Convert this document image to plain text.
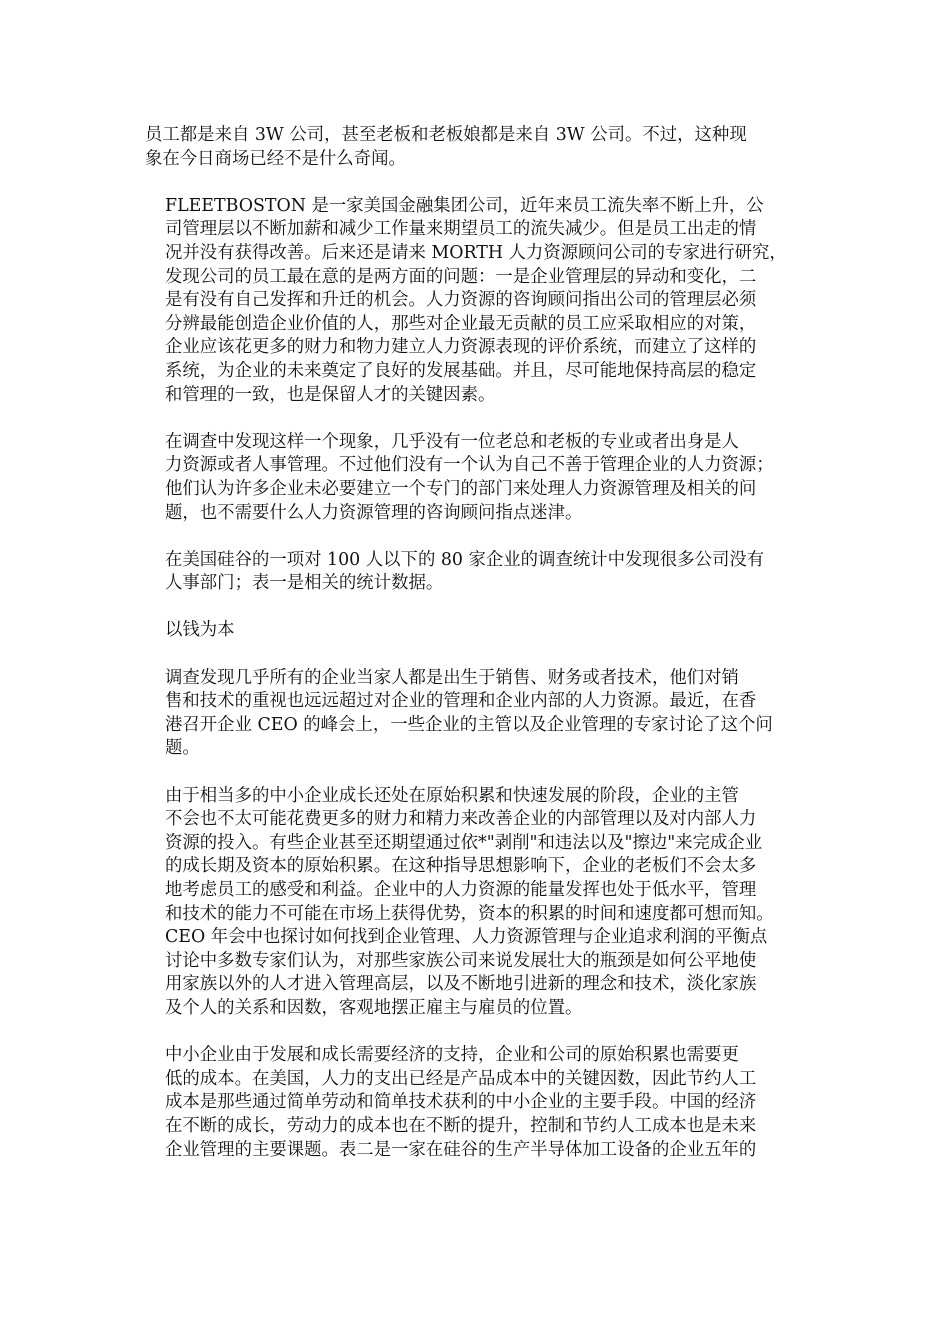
员工都是来自 3W 公司，甚至老板和老板娘都是来自 3W 公司。不过，这种现
象在今日商场已经不是什么奇闻。

FLEETBOSTON 是一家美国金融集团公司，近年来员工流失率不断上升，公
司管理层以不断加薪和减少工作量来期望员工的流失减少。但是员工出走的情
况并没有获得改善。后来还是请来 MORTH 人力资源顾问公司的专家进行研究，
发现公司的员工最在意的是两方面的问题：一是企业管理层的异动和变化，二
是有没有自己发挥和升迁的机会。人力资源的咨询顾问指出公司的管理层必须
分辨最能创造企业价值的人，那些对企业最无贡献的员工应采取相应的对策，
企业应该花更多的财力和物力建立人力资源表现的评价系统，而建立了这样的
系统，为企业的未来奠定了良好的发展基础。并且，尽可能地保持高层的稳定
和管理的一致，也是保留人才的关键因素。

在调查中发现这样一个现象，几乎没有一位老总和老板的专业或者出身是人
力资源或者人事管理。不过他们没有一个认为自己不善于管理企业的人力资源；
他们认为许多企业未必要建立一个专门的部门来处理人力资源管理及相关的问
题，也不需要什么人力资源管理的咨询顾问指点迷津。

在美国硅谷的一项对 100 人以下的 80 家企业的调查统计中发现很多公司没有
人事部门；表一是相关的统计数据。

以钱为本

调查发现几乎所有的企业当家人都是出生于销售、财务或者技术，他们对销
售和技术的重视也远远超过对企业的管理和企业内部的人力资源。最近，在香
港召开企业 CEO 的峰会上，一些企业的主管以及企业管理的专家讨论了这个问
题。

由于相当多的中小企业成长还处在原始积累和快速发展的阶段，企业的主管
不会也不太可能花费更多的财力和精力来改善企业的内部管理以及对内部人力
资源的投入。有些企业甚至还期望通过依*"剥削"和违法以及"擦边"来完成企业
的成长期及资本的原始积累。在这种指导思想影响下，企业的老板们不会太多
地考虑员工的感受和利益。企业中的人力资源的能量发挥也处于低水平，管理
和技术的能力不可能在市场上获得优势，资本的积累的时间和速度都可想而知。
CEO 年会中也探讨如何找到企业管理、人力资源管理与企业追求利润的平衡点
讨论中多数专家们认为，对那些家族公司来说发展壮大的瓶颈是如何公平地使
用家族以外的人才进入管理高层，以及不断地引进新的理念和技术，淡化家族
及个人的关系和因数，客观地摆正雇主与雇员的位置。

中小企业由于发展和成长需要经济的支持，企业和公司的原始积累也需要更
低的成本。在美国，人力的支出已经是产品成本中的关键因数，因此节约人工
成本是那些通过简单劳动和简单技术获利的中小企业的主要手段。中国的经济
在不断的成长，劳动力的成本也在不断的提升，控制和节约人工成本也是未来
企业管理的主要课题。表二是一家在硅谷的生产半导体加工设备的企业五年的
